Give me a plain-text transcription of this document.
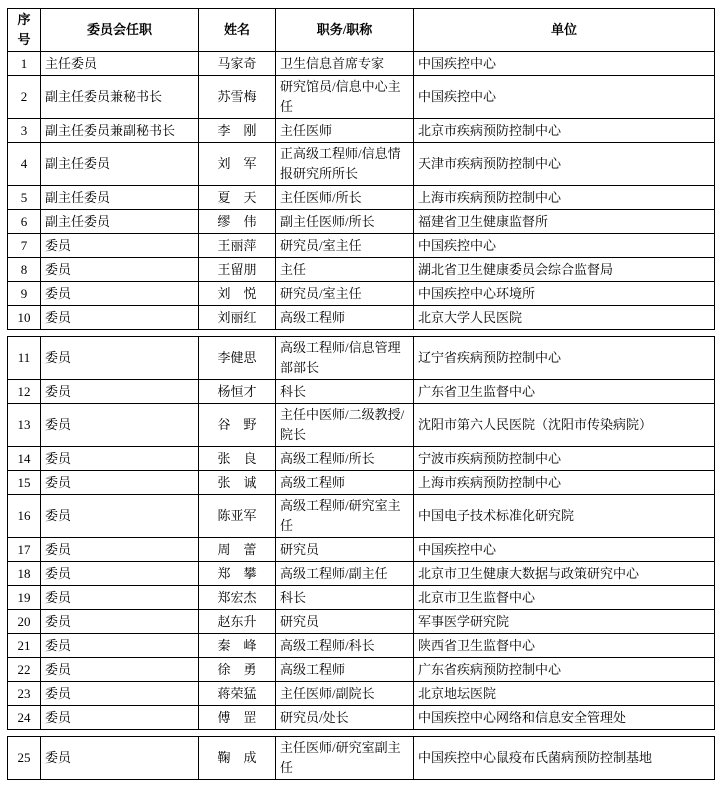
序号	委员会任职	姓名	职务/职称	单位
1	主任委员	马家奇	卫生信息首席专家	中国疾控中心
2	副主任委员兼秘书长	苏雪梅	研究馆员/信息中心主任	中国疾控中心
3	副主任委员兼副秘书长	李　刚	主任医师	北京市疾病预防控制中心
4	副主任委员	刘　军	正高级工程师/信息情报研究所所长	天津市疾病预防控制中心
5	副主任委员	夏　天	主任医师/所长	上海市疾病预防控制中心
6	副主任委员	缪　伟	副主任医师/所长	福建省卫生健康监督所
7	委员	王丽萍	研究员/室主任	中国疾控中心
8	委员	王留朋	主任	湖北省卫生健康委员会综合监督局
9	委员	刘　悦	研究员/室主任	中国疾控中心环境所
10	委员	刘丽红	高级工程师	北京大学人民医院
11	委员	李健思	高级工程师/信息管理部部长	辽宁省疾病预防控制中心
12	委员	杨恒才	科长	广东省卫生监督中心
13	委员	谷　野	主任中医师/二级教授/院长	沈阳市第六人民医院（沈阳市传染病院）
14	委员	张　良	高级工程师/所长	宁波市疾病预防控制中心
15	委员	张　诚	高级工程师	上海市疾病预防控制中心
16	委员	陈亚军	高级工程师/研究室主任	中国电子技术标准化研究院
17	委员	周　蕾	研究员	中国疾控中心
18	委员	郑　攀	高级工程师/副主任	北京市卫生健康大数据与政策研究中心
19	委员	郑宏杰	科长	北京市卫生监督中心
20	委员	赵东升	研究员	军事医学研究院
21	委员	秦　峰	高级工程师/科长	陕西省卫生监督中心
22	委员	徐　勇	高级工程师	广东省疾病预防控制中心
23	委员	蒋荣猛	主任医师/副院长	北京地坛医院
24	委员	傅　罡	研究员/处长	中国疾控中心网络和信息安全管理处
25	委员	鞠　成	主任医师/研究室副主任	中国疾控中心鼠疫布氏菌病预防控制基地
